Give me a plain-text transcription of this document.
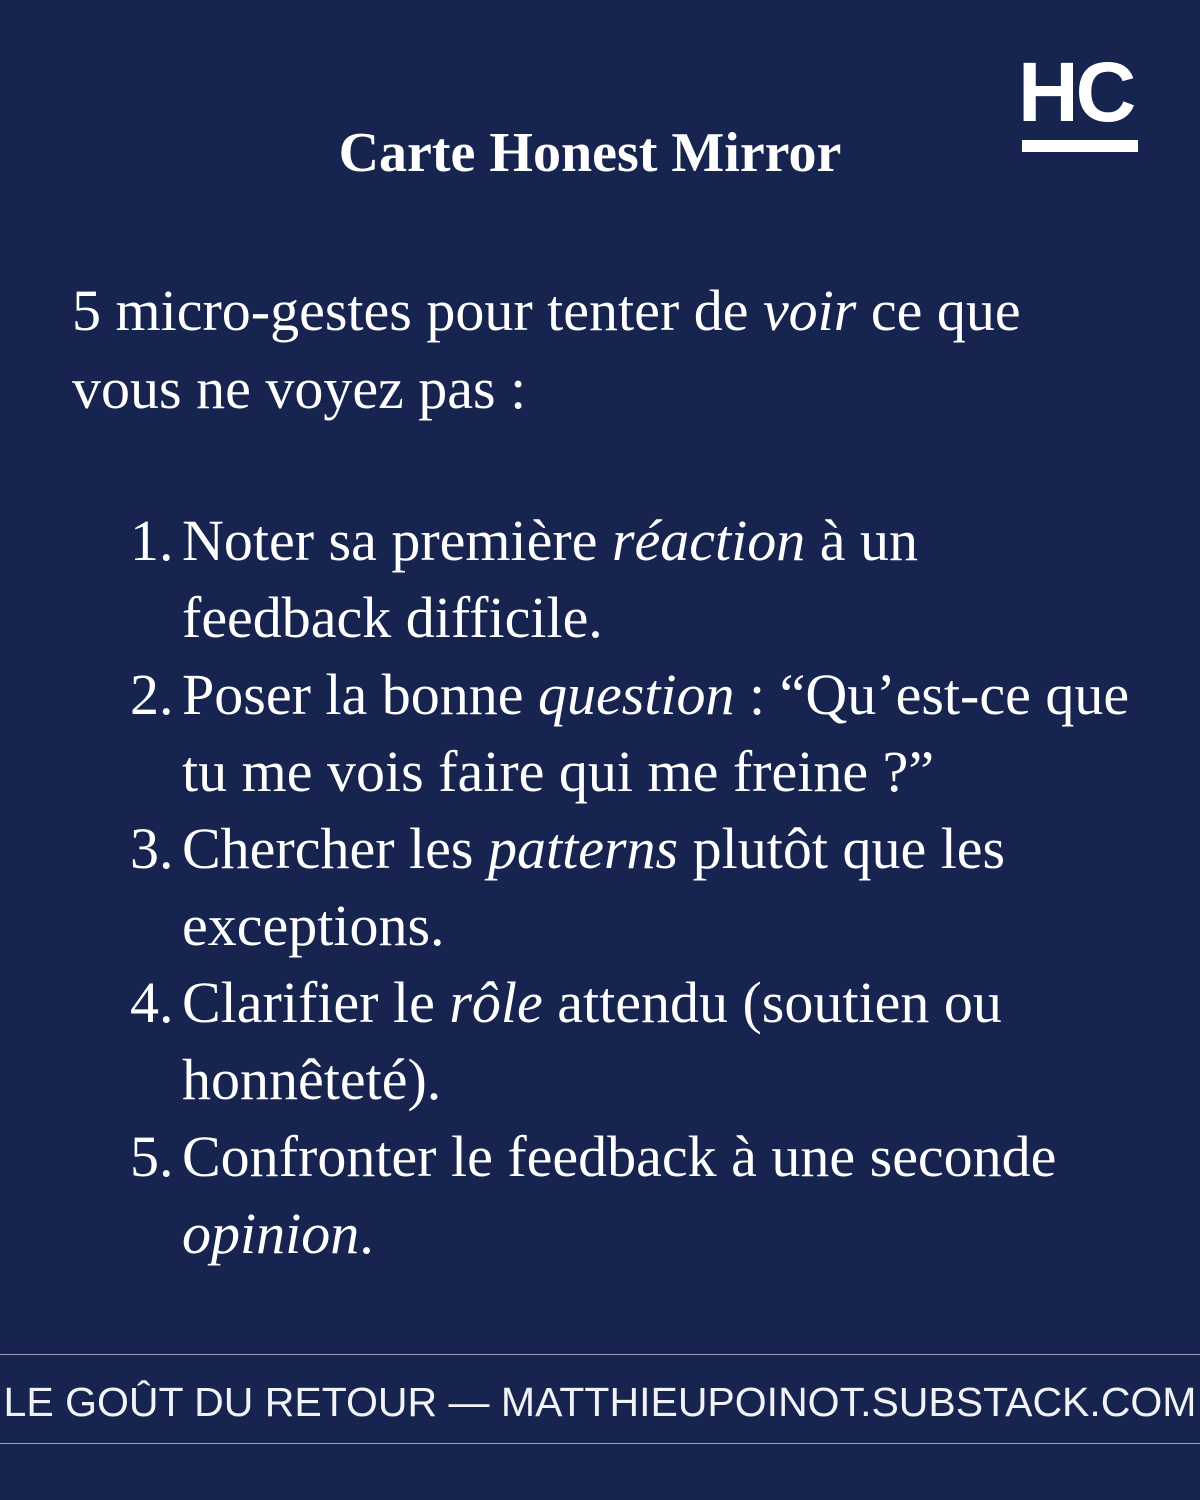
HC
Carte Honest Mirror

5 micro-gestes pour tenter de voir ce que vous ne voyez pas :

1. Noter sa première réaction à un feedback difficile.
2. Poser la bonne question : “Qu’est-ce que tu me vois faire qui me freine ?”
3. Chercher les patterns plutôt que les exceptions.
4. Clarifier le rôle attendu (soutien ou honnêteté).
5. Confronter le feedback à une seconde opinion.
LE GOÛT DU RETOUR — MATTHIEUPOINOT.SUBSTACK.COM
